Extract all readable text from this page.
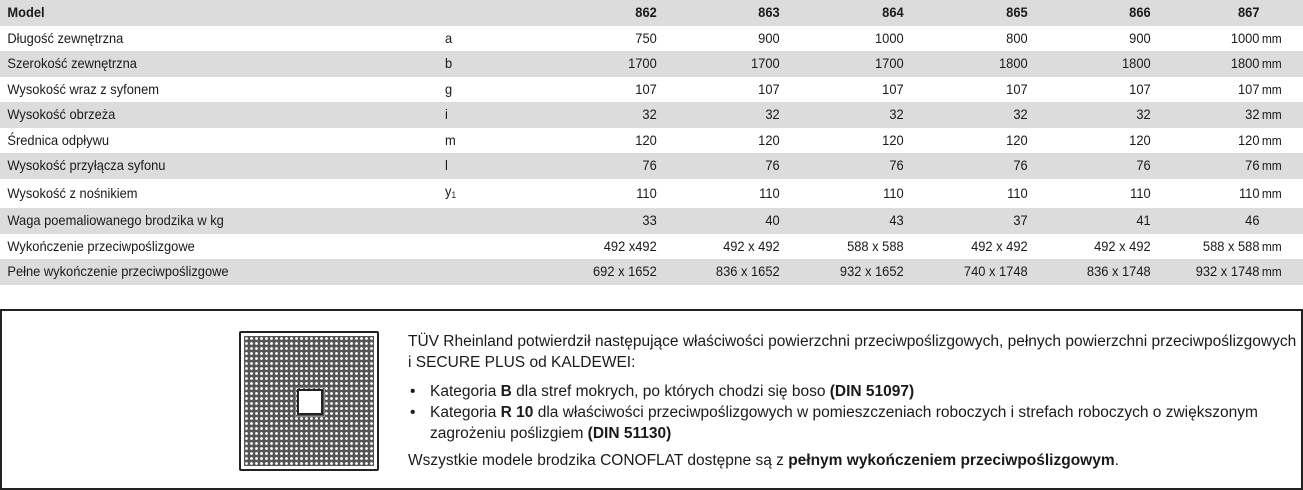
Model		862	863	864	865	866	867	
Długość zewnętrzna	a	750	900	1000	800	900	1000	mm
Szerokość zewnętrzna	b	1700	1700	1700	1800	1800	1800	mm
Wysokość wraz z syfonem	g	107	107	107	107	107	107	mm
Wysokość obrzeża	i	32	32	32	32	32	32	mm
Średnica odpływu	m	120	120	120	120	120	120	mm
Wysokość przyłącza syfonu	l	76	76	76	76	76	76	mm
Wysokość z nośnikiem	$y_1$	110	110	110	110	110	110	mm
Waga poemaliowanego brodzika w kg		33	40	43	37	41	46	
Wykończenie przeciwpoślizgowe		492 x492	492 x 492	588 x 588	492 x 492	492 x 492	588 x 588	mm
Pełne wykończenie przeciwpoślizgowe		692 x 1652	836 x 1652	932 x 1652	740 x 1748	836 x 1748	932 x 1748	mm

TÜV Rheinland potwierdził następujące właściwości powierzchni przeciwpoślizgowych, pełnych powierzchni przeciwpoślizgowych i SECURE PLUS od KALDEWEI:

• Kategoria B dla stref mokrych, po których chodzi się boso (DIN 51097)
• Kategoria R 10 dla właściwości przeciwpoślizgowych w pomieszczeniach roboczych i strefach roboczych o zwiększonym zagrożeniu poślizgiem (DIN 51130)

Wszystkie modele brodzika CONOFLAT dostępne są z pełnym wykończeniem przeciwpoślizgowym.
